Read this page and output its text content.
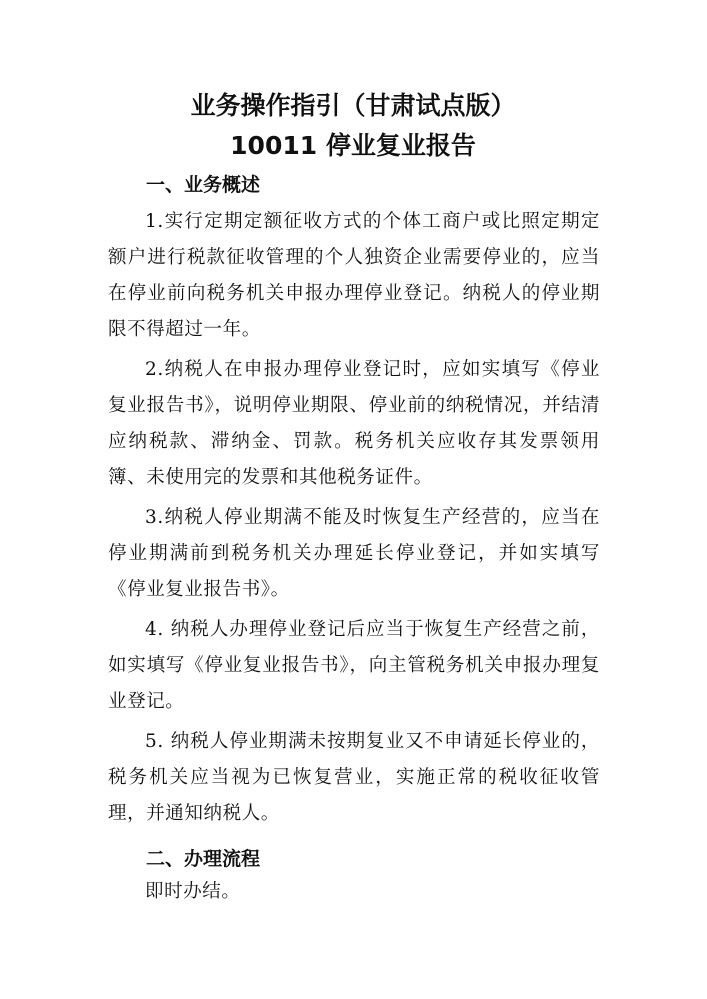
业务操作指引（甘肃试点版）
10011 停业复业报告
一、业务概述

1.实行定期定额征收方式的个体工商户或比照定期定额户进行税款征收管理的个人独资企业需要停业的，应当在停业前向税务机关申报办理停业登记。纳税人的停业期限不得超过一年。

2.纳税人在申报办理停业登记时，应如实填写《停业复业报告书》，说明停业期限、停业前的纳税情况，并结清应纳税款、滞纳金、罚款。税务机关应收存其发票领用簿、未使用完的发票和其他税务证件。

3.纳税人停业期满不能及时恢复生产经营的，应当在停业期满前到税务机关办理延长停业登记，并如实填写《停业复业报告书》。

4. 纳税人办理停业登记后应当于恢复生产经营之前，如实填写《停业复业报告书》，向主管税务机关申报办理复业登记。

5. 纳税人停业期满未按期复业又不申请延长停业的，税务机关应当视为已恢复营业，实施正常的税收征收管理，并通知纳税人。

二、办理流程

即时办结。
